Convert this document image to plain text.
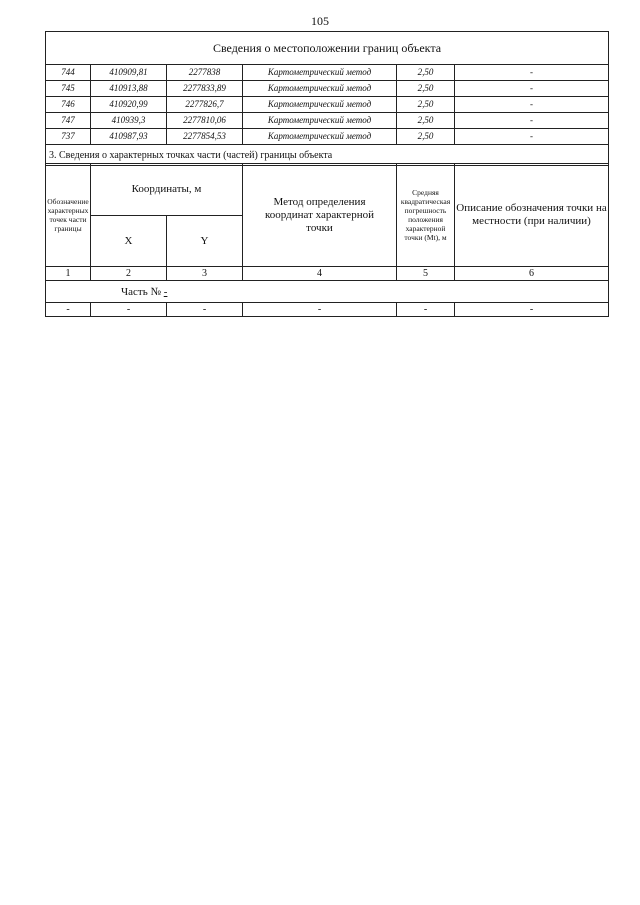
105
Сведения о местоположении границ объекта					
744	410909,81	2277838	Картометрический метод	2,50	-
745	410913,88	2277833,89	Картометрический метод	2,50	-
746	410920,99	2277826,7	Картометрический метод	2,50	-
747	410939,3	2277810,06	Картометрический метод	2,50	-
737	410987,93	2277854,53	Картометрический метод	2,50	-
3. Сведения о характерных точках части (частей) границы объекта					
Обозначение характерных точек части границы	Координаты, м		Метод определения координат характерной точки	Средняя квадратическая погрешность положения характерной точки (Mt), м	Описание обозначения точки на местности (при наличии)
	X	Y			
1	2	3	4	5	6
Часть № -					
-	-	-	-	-	-
